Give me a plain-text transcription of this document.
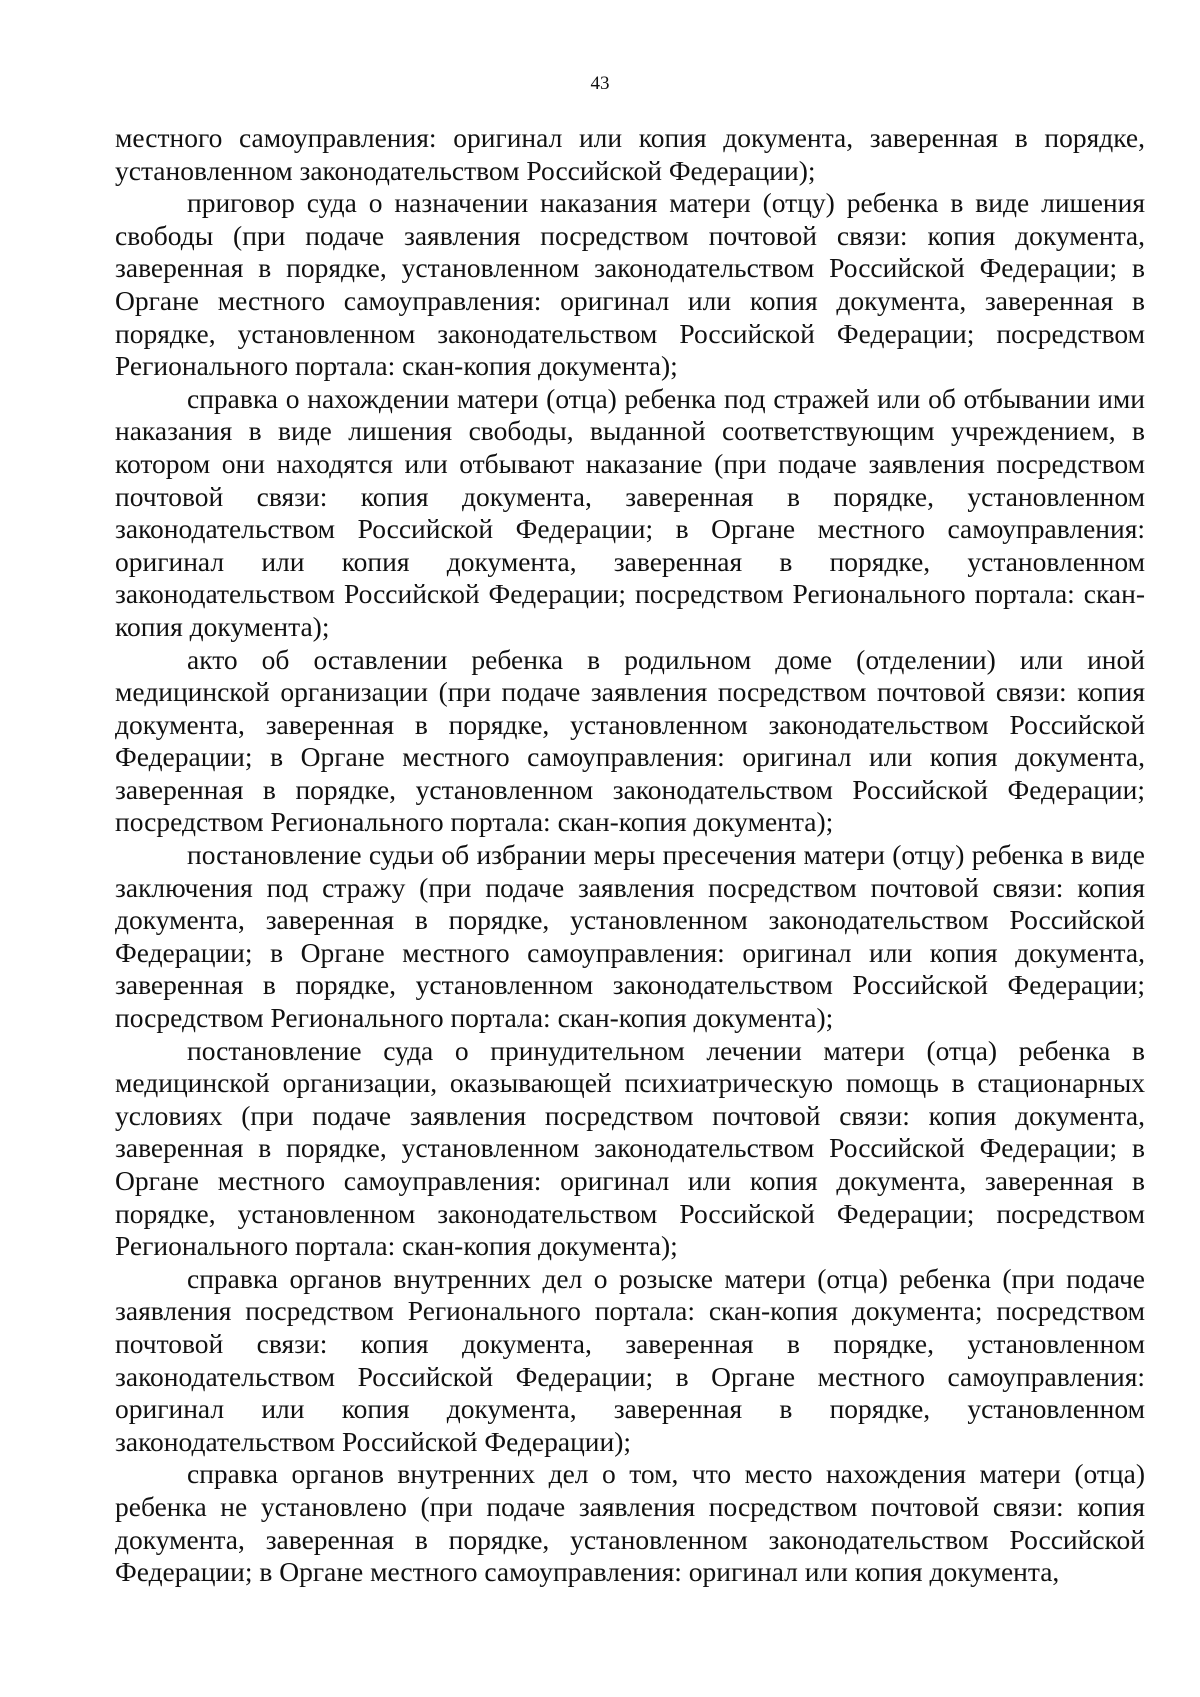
43

местного самоуправления: оригинал или копия документа, заверенная в порядке, установленном законодательством Российской Федерации);

приговор суда о назначении наказания матери (отцу) ребенка в виде лишения свободы (при подаче заявления посредством почтовой связи: копия документа, заверенная в порядке, установленном законодательством Российской Федерации; в Органе местного самоуправления: оригинал или копия документа, заверенная в порядке, установленном законодательством Российской Федерации; посредством Регионального портала: скан-копия документа);

справка о нахождении матери (отца) ребенка под стражей или об отбывании ими наказания в виде лишения свободы, выданной соответствующим учреждением, в котором они находятся или отбывают наказание (при подаче заявления посредством почтовой связи: копия документа, заверенная в порядке, установленном законодательством Российской Федерации; в Органе местного самоуправления: оригинал или копия документа, заверенная в порядке, установленном законодательством Российской Федерации; посредством Регионального портала: скан-копия документа);

акто об оставлении ребенка в родильном доме (отделении) или иной медицинской организации (при подаче заявления посредством почтовой связи: копия документа, заверенная в порядке, установленном законодательством Российской Федерации; в Органе местного самоуправления: оригинал или копия документа, заверенная в порядке, установленном законодательством Российской Федерации; посредством Регионального портала: скан-копия документа);

постановление судьи об избрании меры пресечения матери (отцу) ребенка в виде заключения под стражу (при подаче заявления посредством почтовой связи: копия документа, заверенная в порядке, установленном законодательством Российской Федерации; в Органе местного самоуправления: оригинал или копия документа, заверенная в порядке, установленном законодательством Российской Федерации; посредством Регионального портала: скан-копия документа);

постановление суда о принудительном лечении матери (отца) ребенка в медицинской организации, оказывающей психиатрическую помощь в стационарных условиях (при подаче заявления посредством почтовой связи: копия документа, заверенная в порядке, установленном законодательством Российской Федерации; в Органе местного самоуправления: оригинал или копия документа, заверенная в порядке, установленном законодательством Российской Федерации; посредством Регионального портала: скан-копия документа);

справка органов внутренних дел о розыске матери (отца) ребенка (при подаче заявления посредством Регионального портала: скан-копия документа; посредством почтовой связи: копия документа, заверенная в порядке, установленном законодательством Российской Федерации; в Органе местного самоуправления: оригинал или копия документа, заверенная в порядке, установленном законодательством Российской Федерации);

справка органов внутренних дел о том, что место нахождения матери (отца) ребенка не установлено (при подаче заявления посредством почтовой связи: копия документа, заверенная в порядке, установленном законодательством Российской Федерации; в Органе местного самоуправления: оригинал или копия документа,
